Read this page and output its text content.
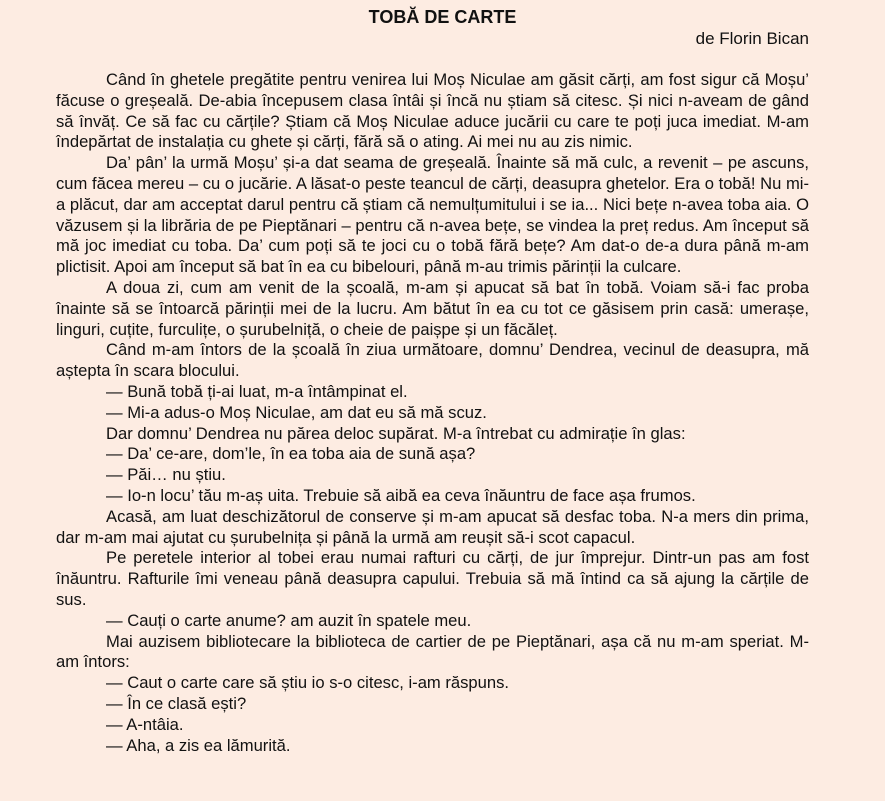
TOBĂ DE CARTE
de Florin Bican

Când în ghetele pregătite pentru venirea lui Moș Niculae am găsit cărți, am fost sigur că Moșu’ făcuse o greșeală. De-abia începusem clasa întâi și încă nu știam să citesc. Și nici n-aveam de gând să învăț. Ce să fac cu cărțile? Știam că Moș Niculae aduce jucării cu care te poți juca imediat. M-am îndepărtat de instalația cu ghete și cărți, fără să o ating. Ai mei nu au zis nimic.

Da’ pân’ la urmă Moșu’ și-a dat seama de greșeală. Înainte să mă culc, a revenit – pe ascuns, cum făcea mereu – cu o jucărie. A lăsat-o peste teancul de cărți, deasupra ghetelor. Era o tobă! Nu mi-a plăcut, dar am acceptat darul pentru că știam că nemulțumitului i se ia... Nici bețe n-avea toba aia. O văzusem și la librăria de pe Pieptănari – pentru că n-avea bețe, se vindea la preț redus. Am început să mă joc imediat cu toba. Da’ cum poți să te joci cu o tobă fără bețe? Am dat-o de-a dura până m-am plictisit. Apoi am început să bat în ea cu bibelouri, până m-au trimis părinții la culcare.

A doua zi, cum am venit de la școală, m-am și apucat să bat în tobă. Voiam să-i fac proba înainte să se întoarcă părinții mei de la lucru. Am bătut în ea cu tot ce găsisem prin casă: umerașe, linguri, cuțite, furculițe, o șurubelniță, o cheie de paișpe și un făcăleț.

Când m-am întors de la școală în ziua următoare, domnu’ Dendrea, vecinul de deasupra, mă aștepta în scara blocului.

— Bună tobă ți-ai luat, m-a întâmpinat el.

— Mi-a adus-o Moș Niculae, am dat eu să mă scuz.

Dar domnu’ Dendrea nu părea deloc supărat. M-a întrebat cu admirație în glas:

— Da’ ce-are, dom’le, în ea toba aia de sună așa?

— Păi… nu știu.

— Io-n locu’ tău m-aș uita. Trebuie să aibă ea ceva înăuntru de face așa frumos.

Acasă, am luat deschizătorul de conserve și m-am apucat să desfac toba. N-a mers din prima, dar m-am mai ajutat cu șurubelnița și până la urmă am reușit să-i scot capacul.

Pe peretele interior al tobei erau numai rafturi cu cărți, de jur împrejur. Dintr-un pas am fost înăuntru. Rafturile îmi veneau până deasupra capului. Trebuia să mă întind ca să ajung la cărțile de sus.

— Cauți o carte anume? am auzit în spatele meu.

Mai auzisem bibliotecare la biblioteca de cartier de pe Pieptănari, așa că nu m-am speriat. M-am întors:

— Caut o carte care să știu io s-o citesc, i-am răspuns.

— În ce clasă ești?

— A-ntâia.

— Aha, a zis ea lămurită.
